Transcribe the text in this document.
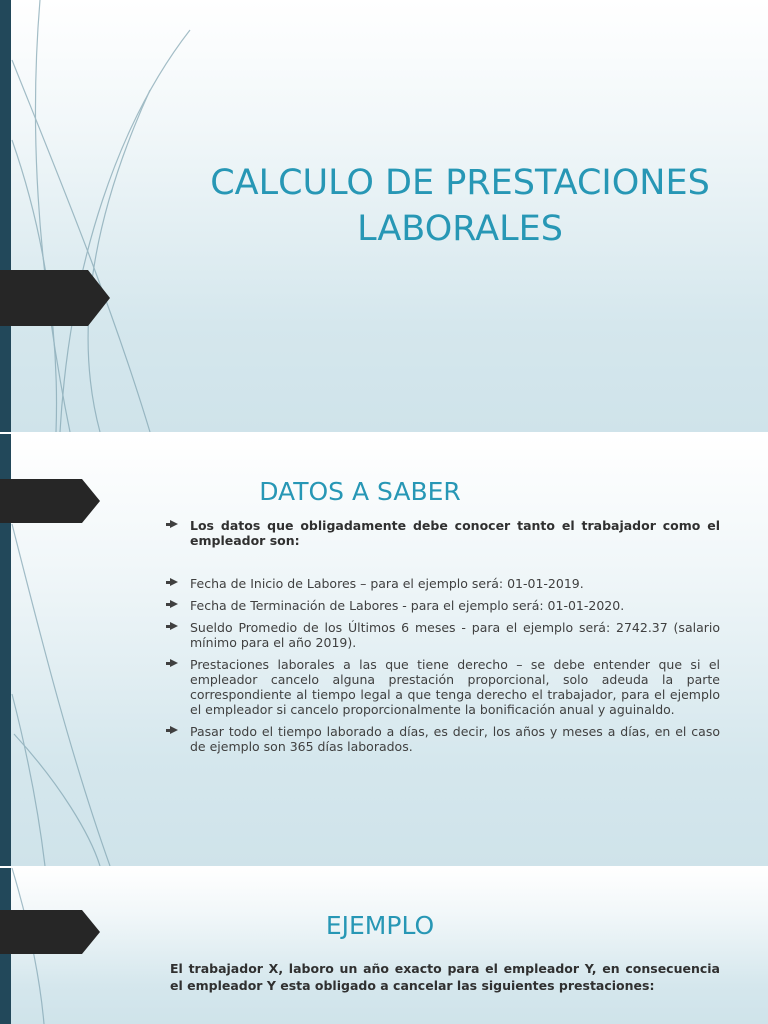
CALCULO DE PRESTACIONES
LABORALES
DATOS A SABER
Los datos que obligadamente debe conocer tanto el trabajador como el empleador son:
Fecha de Inicio de Labores – para el ejemplo será: 01-01-2019.
Fecha de Terminación de Labores - para el ejemplo será: 01-01-2020.
Sueldo Promedio de los Últimos 6 meses - para el ejemplo será: 2742.37 (salario mínimo para el año 2019).
Prestaciones laborales a las que tiene derecho – se debe entender que si el empleador cancelo alguna prestación proporcional, solo adeuda la parte correspondiente al tiempo legal a que tenga derecho el trabajador, para el ejemplo el empleador si cancelo proporcionalmente la bonificación anual y aguinaldo.
Pasar todo el tiempo laborado a días, es decir, los años y meses a días, en el caso de ejemplo son 365 días laborados.
EJEMPLO

El trabajador X, laboro un año exacto para el empleador Y, en consecuencia el empleador Y esta obligado a cancelar las siguientes prestaciones:
